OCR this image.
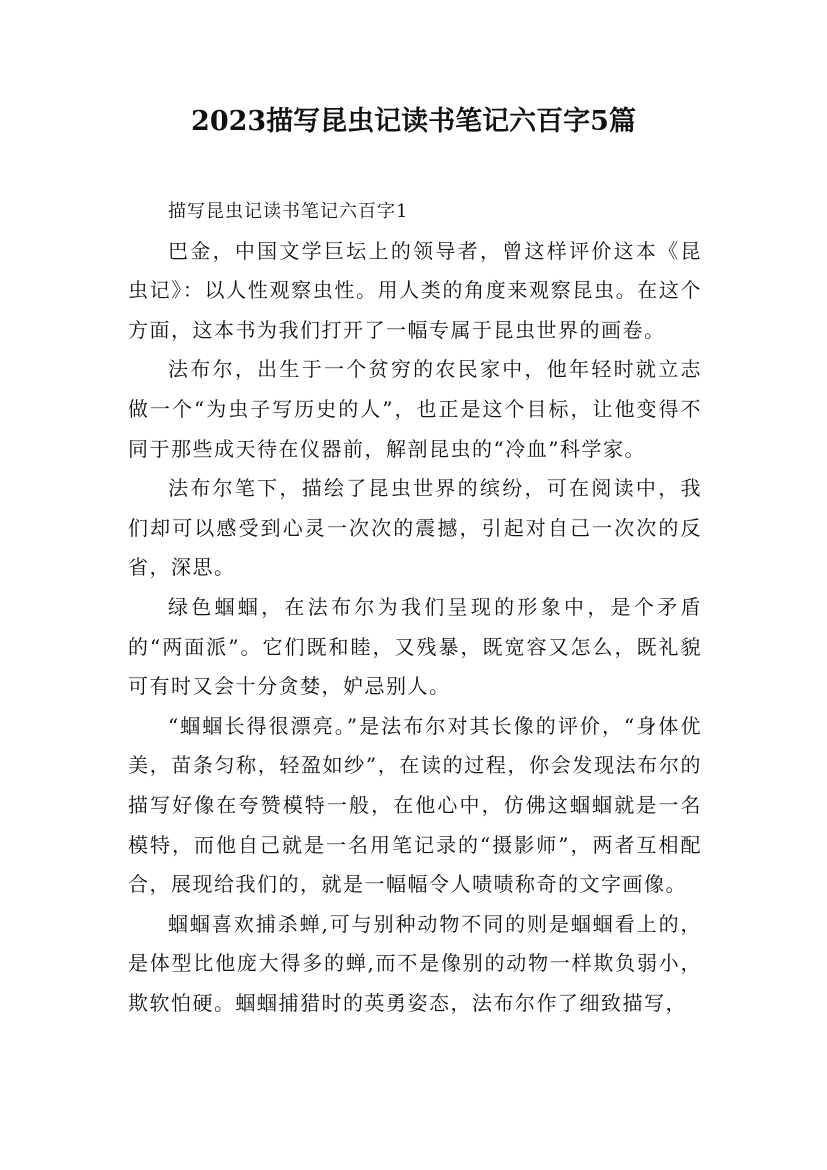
2023描写昆虫记读书笔记六百字5篇

描写昆虫记读书笔记六百字1

巴金，中国文学巨坛上的领导者，曾这样评价这本《昆虫记》：以人性观察虫性。用人类的角度来观察昆虫。在这个方面，这本书为我们打开了一幅专属于昆虫世界的画卷。

法布尔，出生于一个贫穷的农民家中，他年轻时就立志做一个“为虫子写历史的人”，也正是这个目标，让他变得不同于那些成天待在仪器前，解剖昆虫的“冷血”科学家。

法布尔笔下，描绘了昆虫世界的缤纷，可在阅读中，我们却可以感受到心灵一次次的震撼，引起对自己一次次的反省，深思。

绿色蝈蝈，在法布尔为我们呈现的形象中，是个矛盾的“两面派”。它们既和睦，又残暴，既宽容又怎么，既礼貌可有时又会十分贪婪，妒忌别人。

“蝈蝈长得很漂亮。”是法布尔对其长像的评价，“身体优美，苗条匀称，轻盈如纱”，在读的过程，你会发现法布尔的描写好像在夸赞模特一般，在他心中，仿佛这蝈蝈就是一名模特，而他自己就是一名用笔记录的“摄影师”，两者互相配合，展现给我们的，就是一幅幅令人啧啧称奇的文字画像。

蝈蝈喜欢捕杀蝉,可与别种动物不同的则是蝈蝈看上的，是体型比他庞大得多的蝉,而不是像别的动物一样欺负弱小，欺软怕硬。蝈蝈捕猎时的英勇姿态，法布尔作了细致描写，
